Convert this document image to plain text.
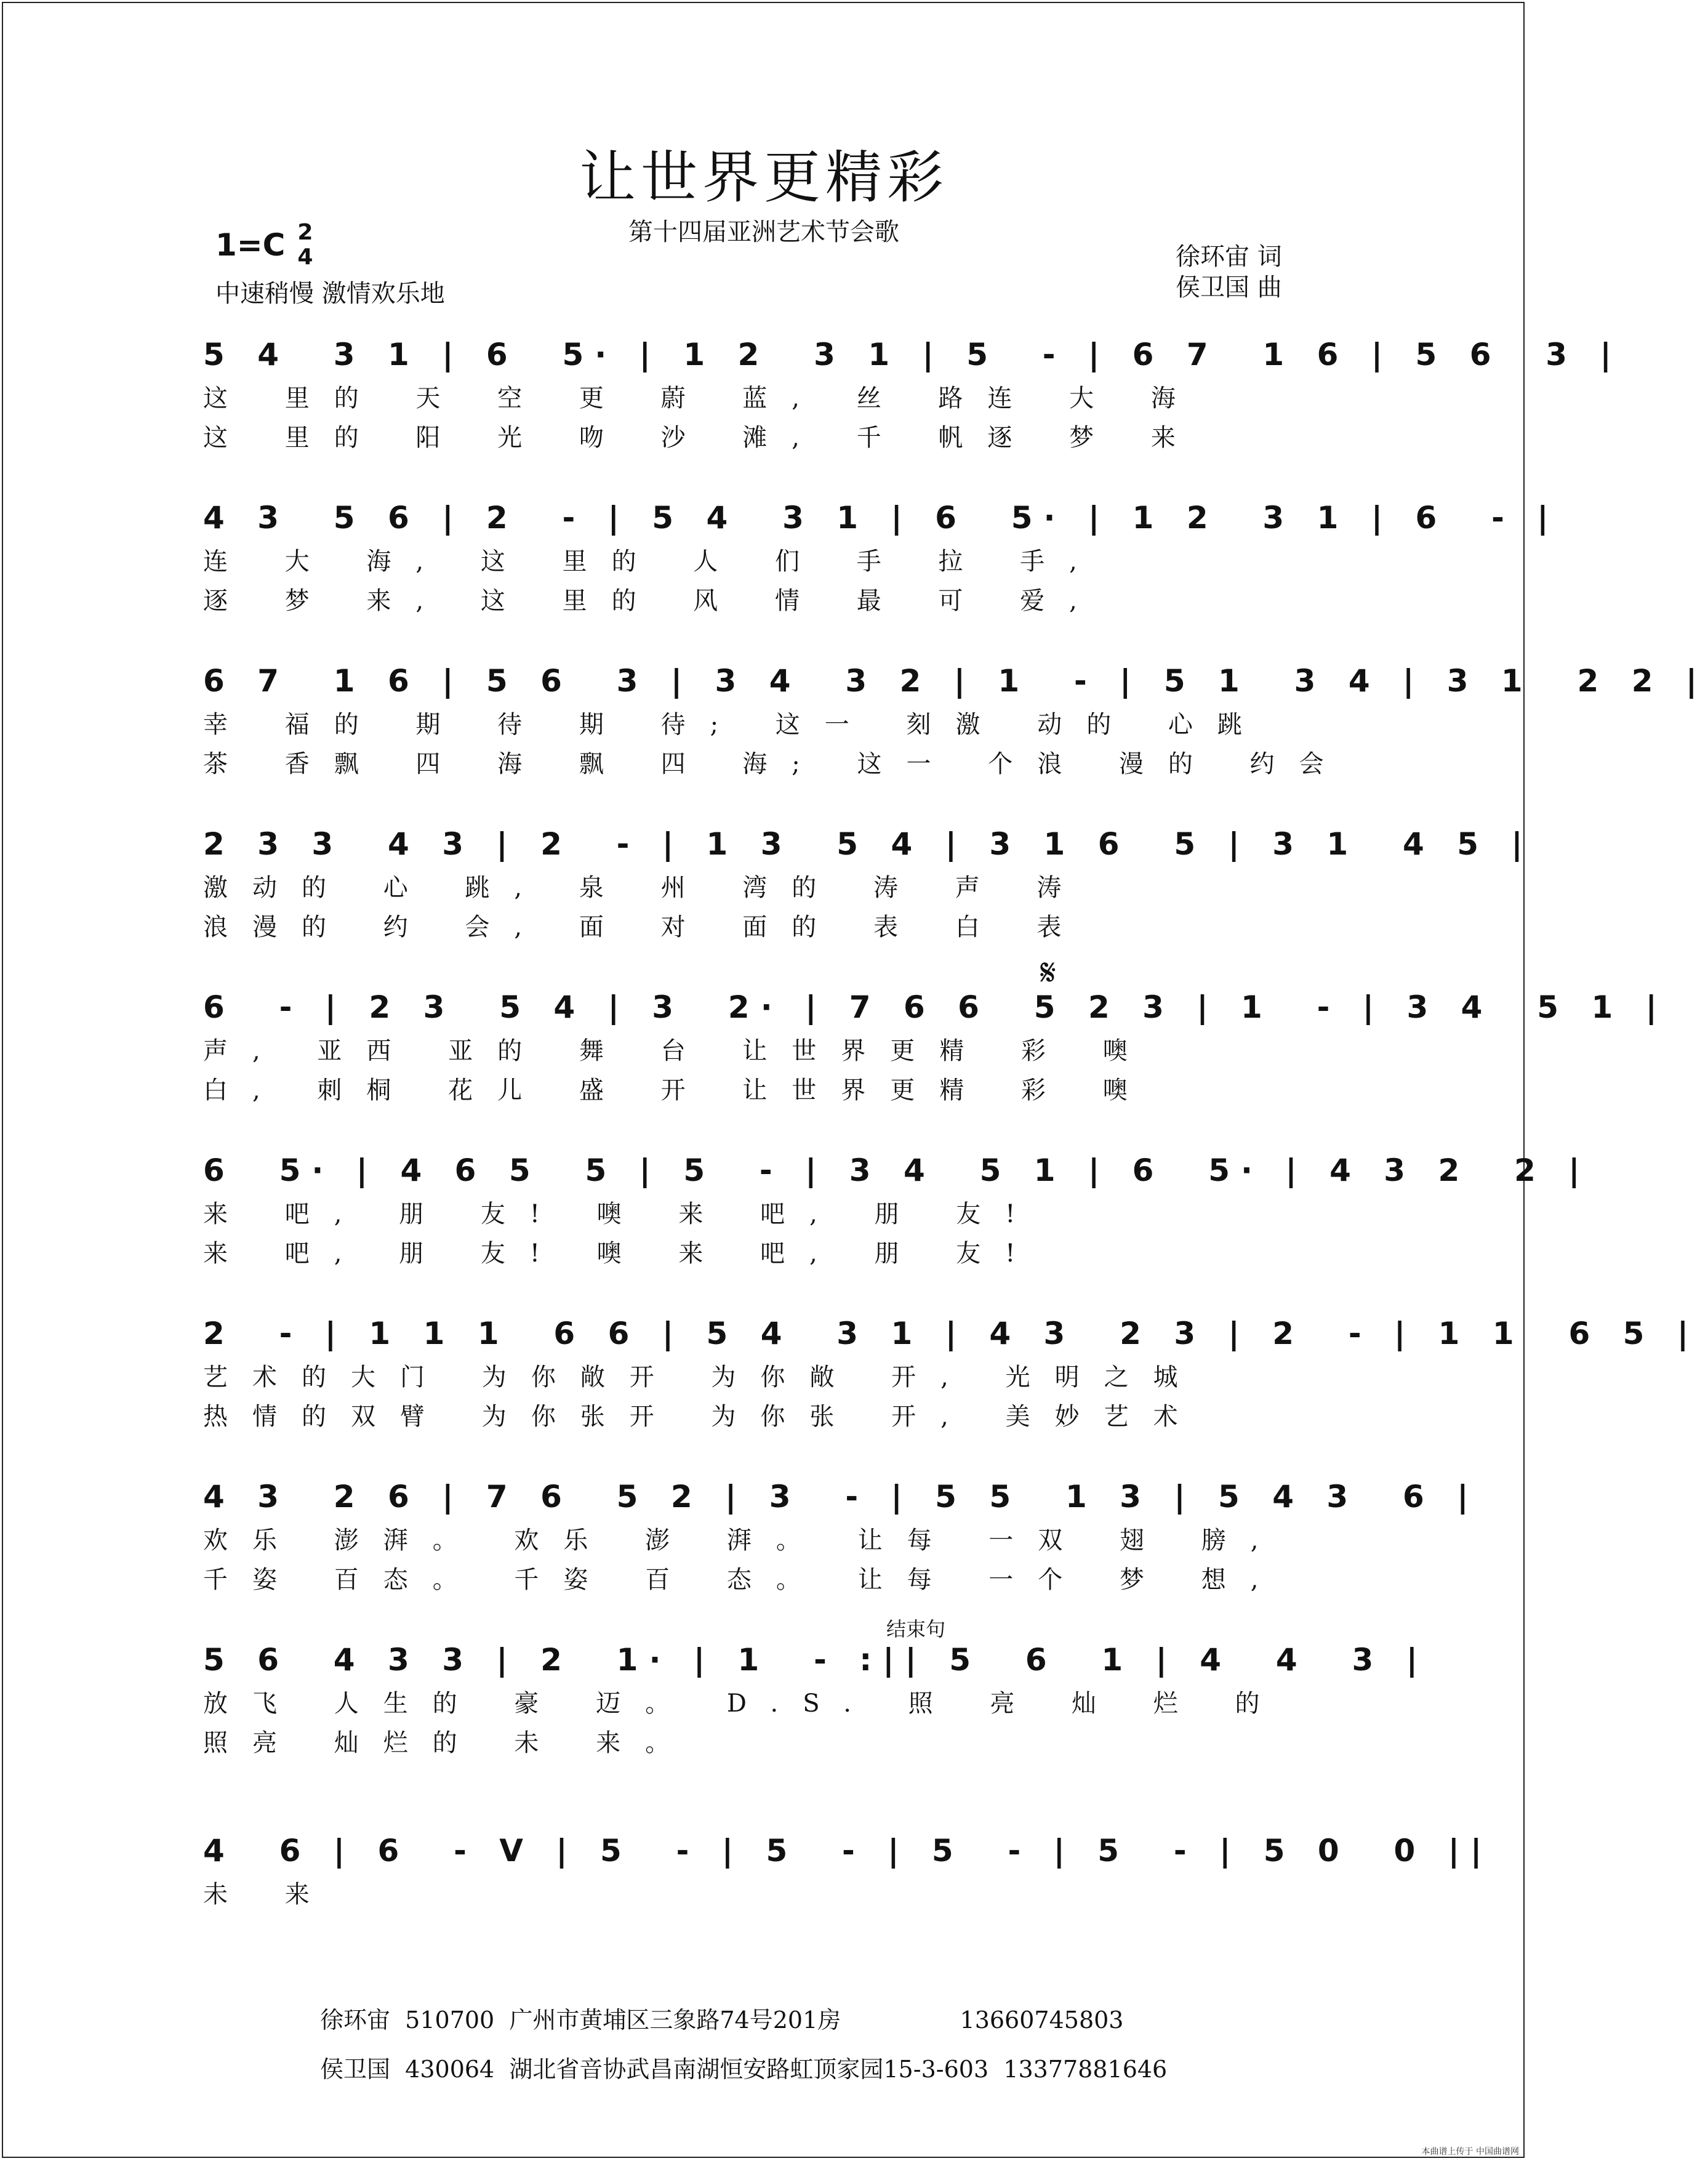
让世界更精彩
第十四届亚洲艺术节会歌
1=C 2
4
中速稍慢 激情欢乐地
徐环宙 词
侯卫国 曲
5 4  3 1 | 6  5· | 1 2  3 1 | 5  - | 6 7  1 6 | 5 6  3 |
这 里的 天 空 更 蔚 蓝, 丝 路连 大 海
这 里的 阳 光 吻 沙 滩, 千 帆逐 梦 来
4 3  5 6 | 2  - | 5 4  3 1 | 6  5· | 1 2  3 1 | 6  - |
连 大 海, 这 里的 人 们 手 拉 手,
逐 梦 来, 这 里的 风 情 最 可 爱,
6 7  1 6 | 5 6  3 | 3 4  3 2 | 1  - | 5 1  3 4 | 3 1  2 2 |
幸 福的 期 待 期 待; 这一 刻激 动的 心跳
茶 香飘 四 海 飘 四 海; 这一 个浪 漫的 约会
2 3 3  4 3 | 2  - | 1 3  5 4 | 3 1 6  5 | 3 1  4 5 |
激动的 心 跳, 泉 州 湾的 涛 声 涛
浪漫的 约 会, 面 对 面的 表 白 表
6  - | 2 3  5 4 | 3  2· | 7 6 6  5 2 3 | 1  - | 3 4  5 1 |
声, 亚西 亚的 舞 台 让世界更精 彩 噢
白, 刺桐 花儿 盛 开 让世界更精 彩 噢
6  5· | 4 6 5  5 | 5  - | 3 4  5 1 | 6  5· | 4 3 2  2 |
来 吧, 朋 友! 噢 来 吧, 朋 友!
来 吧, 朋 友! 噢 来 吧, 朋 友!
2  - | 1 1 1  6 6 | 5 4  3 1 | 4 3  2 3 | 2  - | 1 1  6 5 |
艺术的大门 为你敞开 为你敞 开, 光明之城
热情的双臂 为你张开 为你张 开, 美妙艺术
4 3  2 6 | 7 6  5 2 | 3  - | 5 5  1 3 | 5 4 3  6 |
欢乐 澎湃。 欢乐 澎 湃。 让每 一双 翅 膀,
千姿 百态。 千姿 百 态。 让每 一个 梦 想,
5 6  4 3 3 | 2  1· | 1  - :|| 5  6  1 | 4  4  3 |
放飞 人生的 豪 迈。 D.S. 照 亮 灿 烂 的
照亮 灿烂的 未 来。
结束句
4  6 | 6  - V | 5  - | 5  - | 5  - | 5  - | 5 0  0 ||
未 来
𝄋
徐环宙  510700  广州市黄埔区三象路74号201房                13660745803
侯卫国  430064  湖北省音协武昌南湖恒安路虹顶家园15-3-603  13377881646
本曲谱上传于 中国曲谱网
